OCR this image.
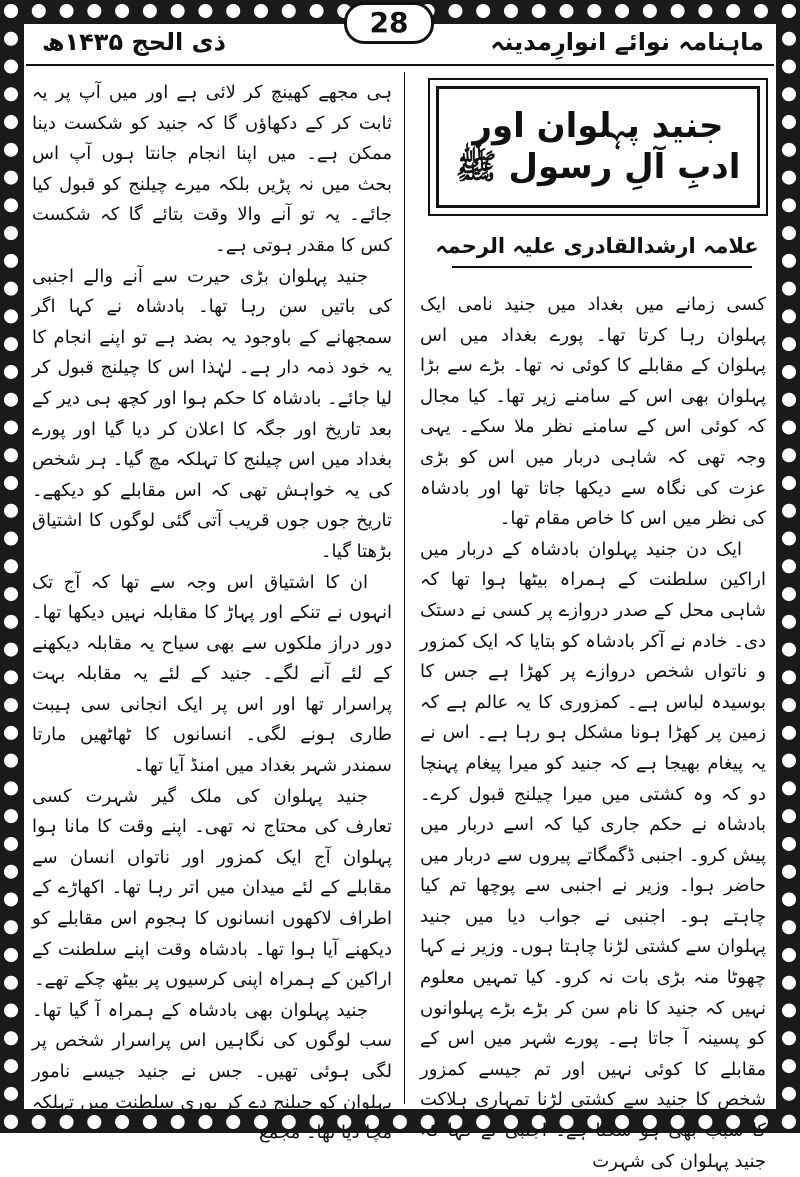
ماہنامہ نوائے انوارِمدینہ
ذی الحج ۱۴۳۵ھ
28
جنید پہلوان اور ادبِ آلِ رسول ﷺ
علامہ ارشدالقادری علیہ الرحمہ

کسی زمانے میں بغداد میں جنید نامی ایک پہلوان رہا کرتا تھا۔ پورے بغداد میں اس پہلوان کے مقابلے کا کوئی نہ تھا۔ بڑے سے بڑا پہلوان بھی اس کے سامنے زیر تھا۔ کیا مجال کہ کوئی اس کے سامنے نظر ملا سکے۔ یہی وجہ تھی کہ شاہی دربار میں اس کو بڑی عزت کی نگاہ سے دیکھا جاتا تھا اور بادشاہ کی نظر میں اس کا خاص مقام تھا۔

ایک دن جنید پہلوان بادشاہ کے دربار میں اراکین سلطنت کے ہمراہ بیٹھا ہوا تھا کہ شاہی محل کے صدر دروازے پر کسی نے دستک دی۔ خادم نے آکر بادشاہ کو بتایا کہ ایک کمزور و ناتواں شخص دروازے پر کھڑا ہے جس کا بوسیدہ لباس ہے۔ کمزوری کا یہ عالم ہے کہ زمین پر کھڑا ہونا مشکل ہو رہا ہے۔ اس نے یہ پیغام بھیجا ہے کہ جنید کو میرا پیغام پہنچا دو کہ وہ کشتی میں میرا چیلنج قبول کرے۔ بادشاہ نے حکم جاری کیا کہ اسے دربار میں پیش کرو۔ اجنبی ڈگمگاتے پیروں سے دربار میں حاضر ہوا۔ وزیر نے اجنبی سے پوچھا تم کیا چاہتے ہو۔ اجنبی نے جواب دیا میں جنید پہلوان سے کشتی لڑنا چاہتا ہوں۔ وزیر نے کہا چھوٹا منہ بڑی بات نہ کرو۔ کیا تمہیں معلوم نہیں کہ جنید کا نام سن کر بڑے بڑے پہلوانوں کو پسینہ آ جاتا ہے۔ پورے شہر میں اس کے مقابلے کا کوئی نہیں اور تم جیسے کمزور شخص کا جنید سے کشتی لڑنا تمہاری ہلاکت کا سبب بھی ہو سکتا ہے۔ اجنبی نے کہا کہ جنید پہلوان کی شہرت

ہی مجھے کھینچ کر لائی ہے اور میں آپ پر یہ ثابت کر کے دکھاؤں گا کہ جنید کو شکست دینا ممکن ہے۔ میں اپنا انجام جانتا ہوں آپ اس بحث میں نہ پڑیں بلکہ میرے چیلنج کو قبول کیا جائے۔ یہ تو آنے والا وقت بتائے گا کہ شکست کس کا مقدر ہوتی ہے۔

جنید پہلوان بڑی حیرت سے آنے والے اجنبی کی باتیں سن رہا تھا۔ بادشاہ نے کہا اگر سمجھانے کے باوجود یہ بضد ہے تو اپنے انجام کا یہ خود ذمہ دار ہے۔ لہٰذا اس کا چیلنج قبول کر لیا جائے۔ بادشاہ کا حکم ہوا اور کچھ ہی دیر کے بعد تاریخ اور جگہ کا اعلان کر دیا گیا اور پورے بغداد میں اس چیلنج کا تہلکہ مچ گیا۔ ہر شخص کی یہ خواہش تھی کہ اس مقابلے کو دیکھے۔ تاریخ جوں جوں قریب آتی گئی لوگوں کا اشتیاق بڑھتا گیا۔

ان کا اشتیاق اس وجہ سے تھا کہ آج تک انہوں نے تنکے اور پہاڑ کا مقابلہ نہیں دیکھا تھا۔ دور دراز ملکوں سے بھی سیاح یہ مقابلہ دیکھنے کے لئے آنے لگے۔ جنید کے لئے یہ مقابلہ بہت پراسرار تھا اور اس پر ایک انجانی سی ہیبت طاری ہونے لگی۔ انسانوں کا ٹھاٹھیں مارتا سمندر شہر بغداد میں امنڈ آیا تھا۔

جنید پہلوان کی ملک گیر شہرت کسی تعارف کی محتاج نہ تھی۔ اپنے وقت کا مانا ہوا پہلوان آج ایک کمزور اور ناتواں انسان سے مقابلے کے لئے میدان میں اتر رہا تھا۔ اکھاڑے کے اطراف لاکھوں انسانوں کا ہجوم اس مقابلے کو دیکھنے آیا ہوا تھا۔ بادشاہ وقت اپنے سلطنت کے اراکین کے ہمراہ اپنی کرسیوں پر بیٹھ چکے تھے۔

جنید پہلوان بھی بادشاہ کے ہمراہ آ گیا تھا۔ سب لوگوں کی نگاہیں اس پراسرار شخص پر لگی ہوئی تھیں۔ جس نے جنید جیسے نامور پہلوان کو چیلنج دے کر پوری سلطنت میں تہلکہ مچا دیا تھا۔ مجمع
